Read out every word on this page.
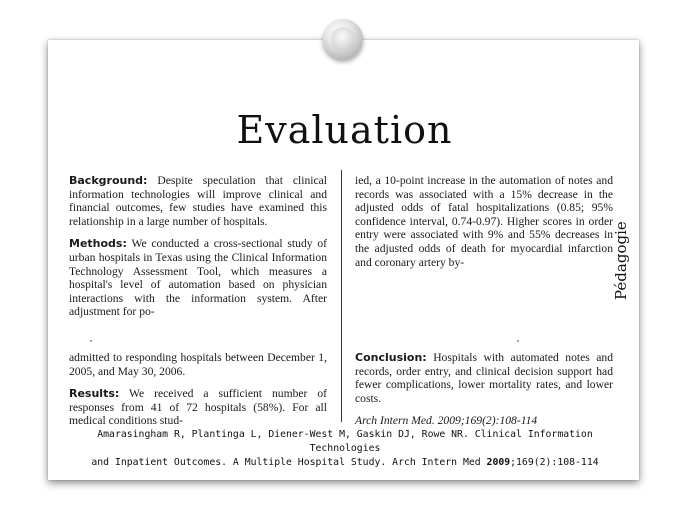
Evaluation
Pédagogie

Background: Despite speculation that clinical information technologies will improve clinical and financial outcomes, few studies have examined this relationship in a large number of hospitals.

Methods: We conducted a cross-sectional study of urban hospitals in Texas using the Clinical Information Technology Assessment Tool, which measures a hospital's level of automation based on physician interactions with the information system. After adjustment for po-

ied, a 10-point increase in the automation of notes and records was associated with a 15% decrease in the adjusted odds of fatal hospitalizations (0.85; 95% confidence interval, 0.74-0.97). Higher scores in order entry were associated with 9% and 55% decreases in the adjusted odds of death for myocardial infarction and coronary artery by-

admitted to responding hospitals between December 1, 2005, and May 30, 2006.

Results: We received a sufficient number of responses from 41 of 72 hospitals (58%). For all medical conditions stud-

Conclusion: Hospitals with automated notes and records, order entry, and clinical decision support had fewer complications, lower mortality rates, and lower costs.

Arch Intern Med. 2009;169(2):108-114

Amarasingham R, Plantinga L, Diener-West M, Gaskin DJ, Rowe NR. Clinical Information Technologies
and Inpatient Outcomes. A Multiple Hospital Study. Arch Intern Med 2009;169(2):108-114
